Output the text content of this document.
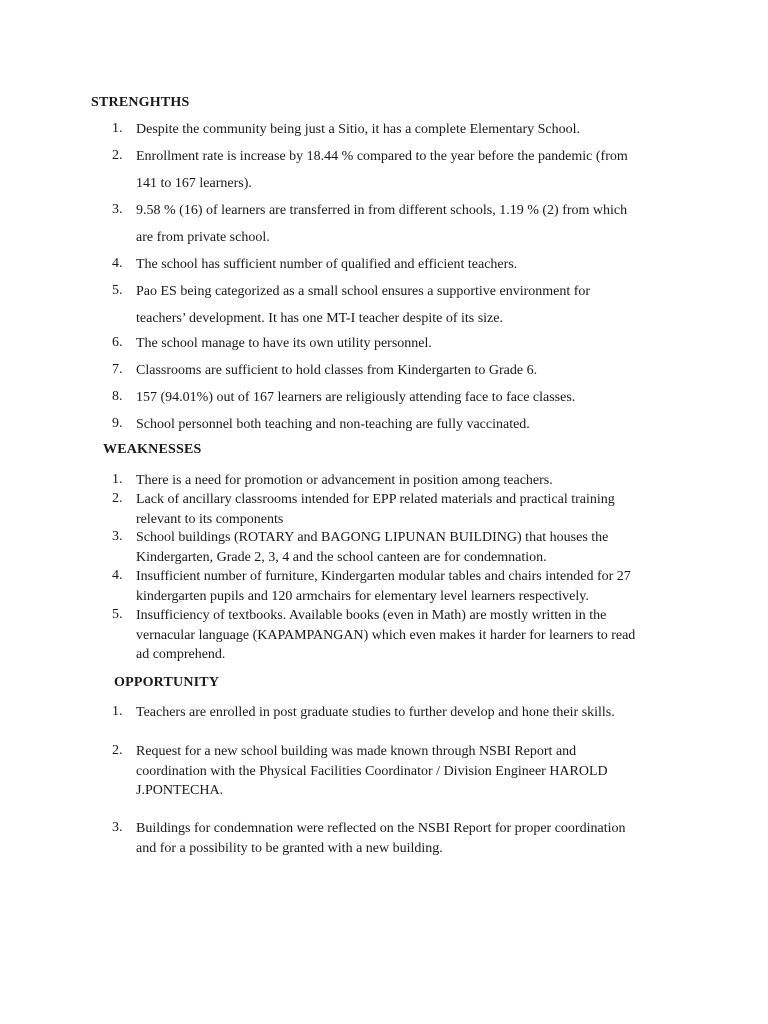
STRENGHTHS
1. Despite the community being just a Sitio, it has a complete Elementary School.
2. Enrollment rate is increase by 18.44 % compared to the year before the pandemic (from
141 to 167 learners).
3. 9.58 % (16) of learners are transferred in from different schools, 1.19 % (2) from which
are from private school.
4. The school has sufficient number of qualified and efficient teachers.
5. Pao ES being categorized as a small school ensures a supportive environment for
teachers’ development. It has one MT-I teacher despite of its size.
6. The school manage to have its own utility personnel.
7. Classrooms are sufficient to hold classes from Kindergarten to Grade 6.
8. 157 (94.01%) out of 167 learners are religiously attending face to face classes.
9. School personnel both teaching and non-teaching are fully vaccinated.
WEAKNESSES
1. There is a need for promotion or advancement in position among teachers.
2. Lack of ancillary classrooms intended for EPP related materials and practical training
relevant to its components
3. School buildings (ROTARY and BAGONG LIPUNAN BUILDING) that houses the
Kindergarten, Grade 2, 3, 4 and the school canteen are for condemnation.
4. Insufficient number of furniture, Kindergarten modular tables and chairs intended for 27
kindergarten pupils and 120 armchairs for elementary level learners respectively.
5. Insufficiency of textbooks. Available books (even in Math) are mostly written in the
vernacular language (KAPAMPANGAN) which even makes it harder for learners to read
ad comprehend.
OPPORTUNITY
1. Teachers are enrolled in post graduate studies to further develop and hone their skills.
2. Request for a new school building was made known through NSBI Report and
coordination with the Physical Facilities Coordinator / Division Engineer HAROLD
J.PONTECHA.
3. Buildings for condemnation were reflected on the NSBI Report for proper coordination
and for a possibility to be granted with a new building.
